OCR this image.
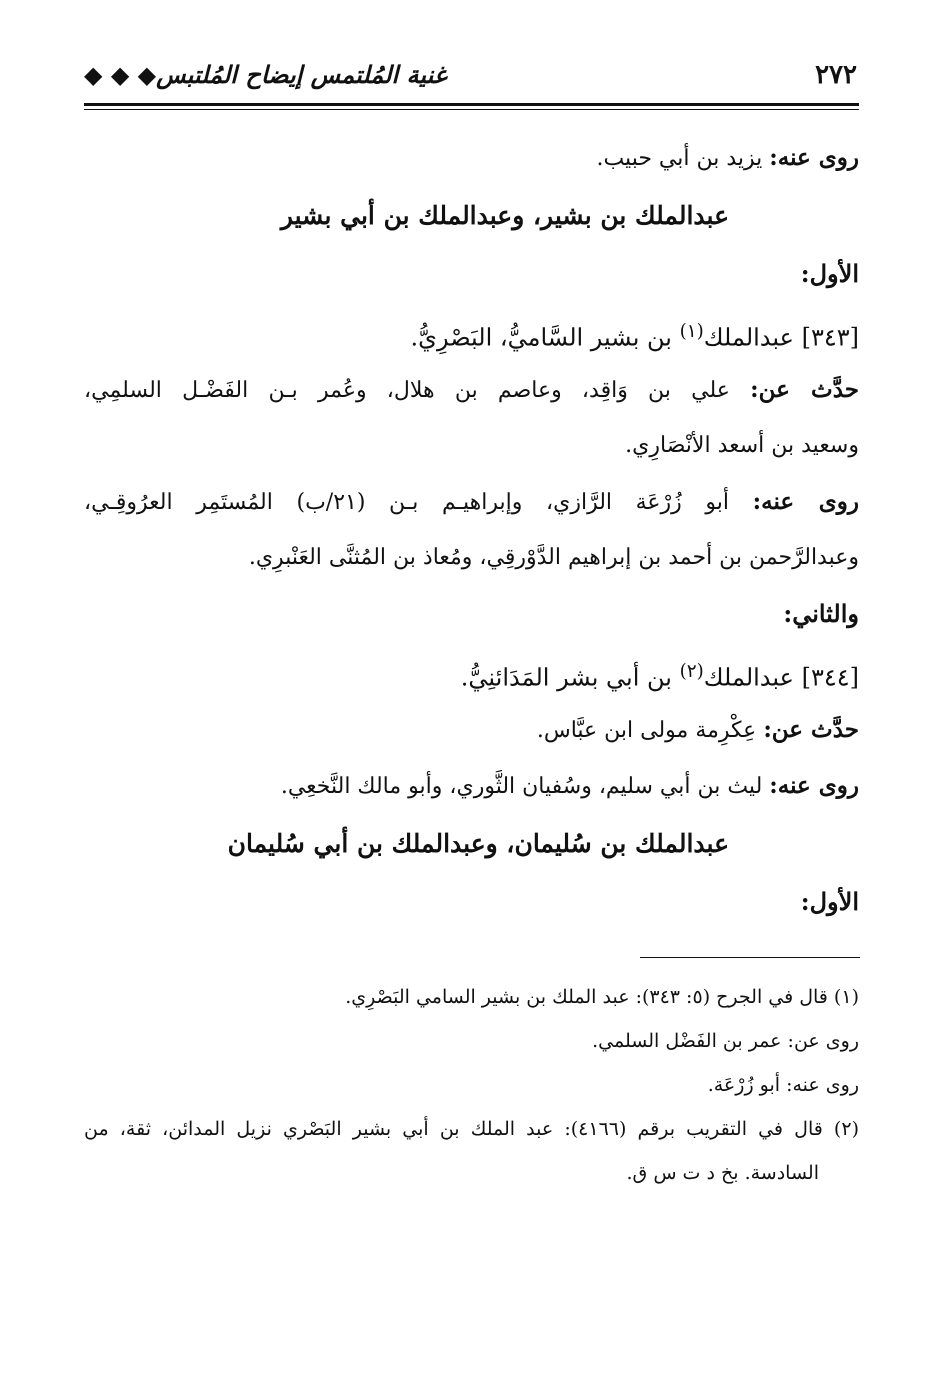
٢٧٢
غنية المُلتمس إيضاح المُلتبس◆ ◆ ◆
روى عنه: يزيد بن أبي حبيب.
عبدالملك بن بشير، وعبدالملك بن أبي بشير
الأول:
[٣٤٣] عبدالملك$^{(١)}$ بن بشير السَّاميُّ، البَصْرِيُّ.
حدَّث عن: علي بن وَاقِد، وعاصم بن هلال، وعُمر بـن الفَضْـل السلمِي،
وسعيد بن أسعد الأنْصَارِي.
روى عنه: أبو زُرْعَة الرَّازي، وإبراهيـم بـن (٢١/ب) المُستَمِر العرُوقِـي،
وعبدالرَّحمن بن أحمد بن إبراهيم الدَّوْرقِي، ومُعاذ بن المُثنَّى العَنْبرِي.
والثاني:
[٣٤٤] عبدالملك$^{(٢)}$ بن أبي بشر المَدَائنِيُّ.
حدَّث عن: عِكْرِمة مولى ابن عبَّاس.
روى عنه: ليث بن أبي سليم، وسُفيان الثَّوري، وأبو مالك النَّخعِي.
عبدالملك بن سُليمان، وعبدالملك بن أبي سُليمان
الأول:
(١) قال في الجرح (٥: ٣٤٣): عبد الملك بن بشير السامي البَصْرِي.
روى عن: عمر بن الفَضْل السلمي.
روى عنه: أبو زُرْعَة.
(٢) قال في التقريب برقم (٤١٦٦): عبد الملك بن أبي بشير البَصْري نزيل المدائن، ثقة، من
السادسة. بخ د ت س ق.
